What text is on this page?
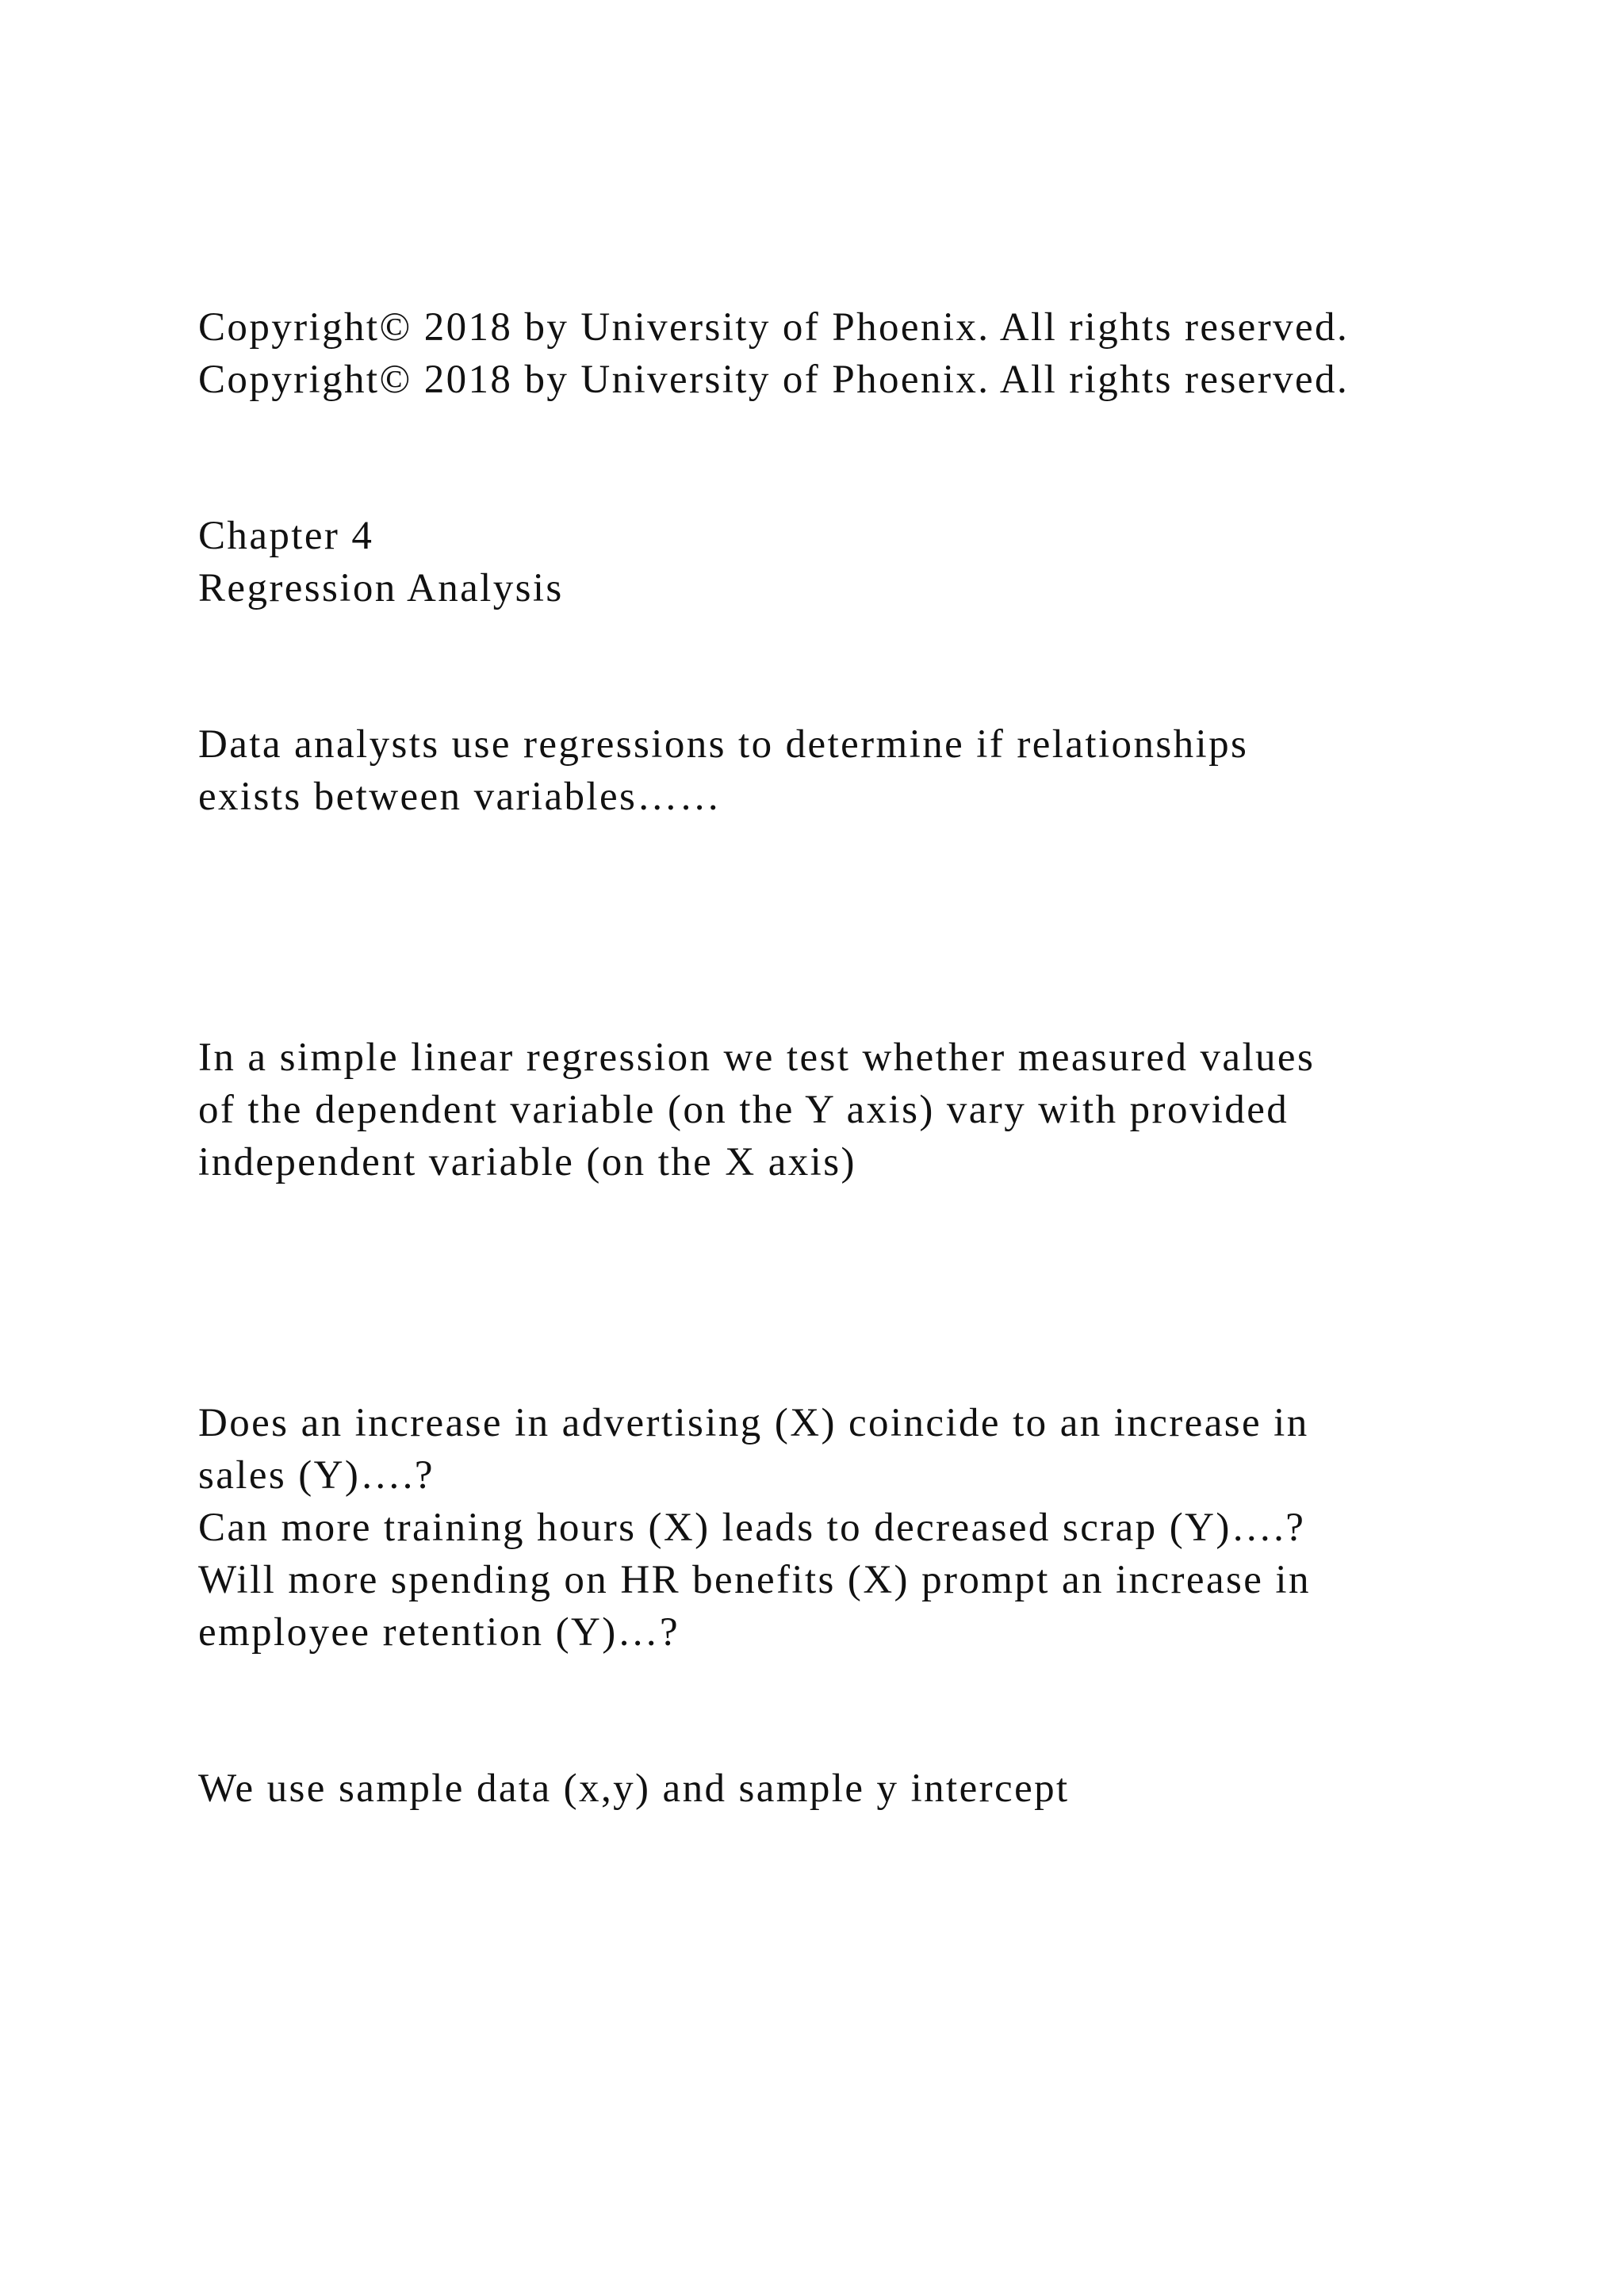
Copyright© 2018 by University of Phoenix. All rights reserved.

Copyright© 2018 by University of Phoenix. All rights reserved.

Chapter 4

Regression Analysis

Data analysts use regressions to determine if relationships

exists between variables……

In a simple linear regression we test whether measured values

of the dependent variable (on the Y axis) vary with provided

independent variable (on the X axis)

Does an increase in advertising (X) coincide to an increase in

sales (Y)….?

Can more training hours (X) leads to decreased scrap (Y)….?

Will more spending on HR benefits (X) prompt an increase in

employee retention (Y)…?

We use sample data (x,y) and sample y intercept
